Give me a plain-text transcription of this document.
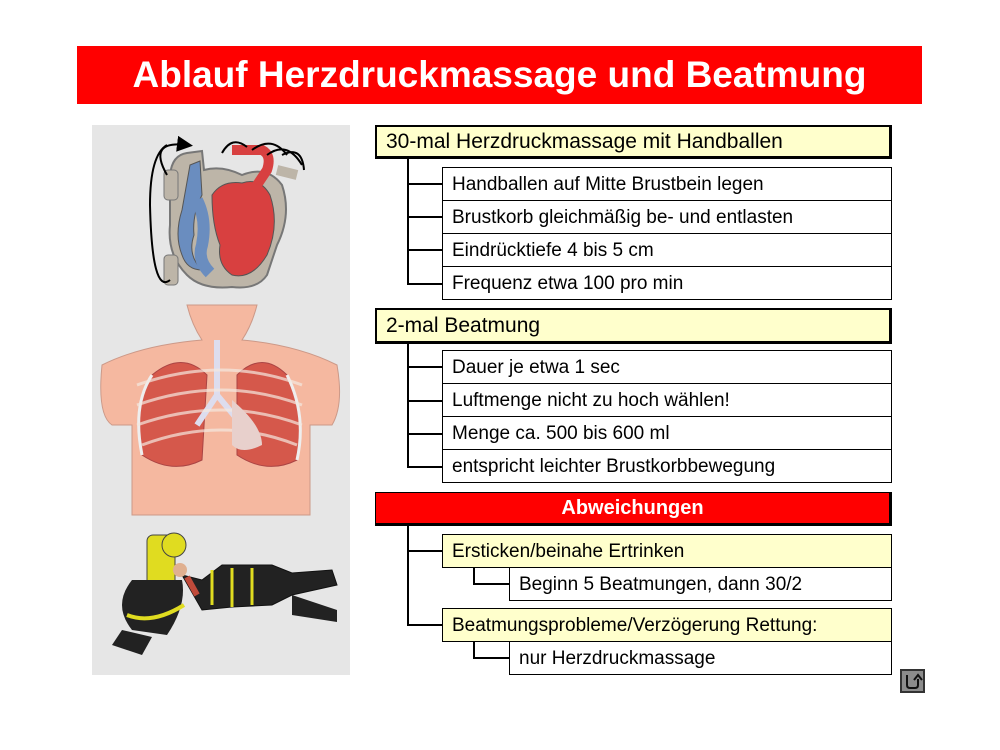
Ablauf Herzdruckmassage und Beatmung
30-mal Herzdruckmassage mit Handballen
Handballen auf Mitte Brustbein legen
Brustkorb gleichmäßig be- und entlasten
Eindrücktiefe 4 bis 5 cm
Frequenz etwa 100 pro min
2-mal Beatmung
Dauer je etwa 1 sec
Luftmenge nicht zu hoch wählen!
Menge ca. 500 bis 600 ml
entspricht leichter Brustkorbbewegung
Abweichungen
Ersticken/beinahe Ertrinken
Beginn 5 Beatmungen, dann 30/2
Beatmungsprobleme/Verzögerung Rettung:
nur Herzdruckmassage
